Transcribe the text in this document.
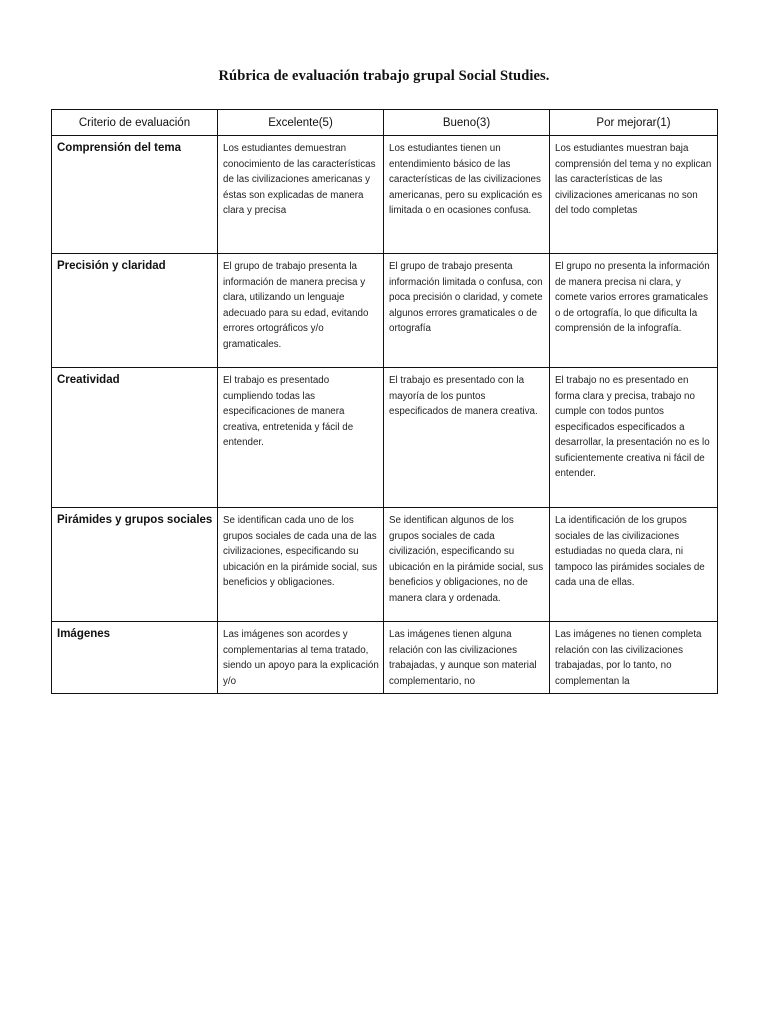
Rúbrica de evaluación trabajo grupal Social Studies.
Criterio de evaluación	Excelente(5)	Bueno(3)	Por mejorar(1)
Comprensión del tema	Los estudiantes demuestran conocimiento de las características de las civilizaciones americanas y éstas son explicadas de manera clara y precisa	Los estudiantes tienen un entendimiento básico de las características de las civilizaciones americanas, pero su explicación es limitada o en ocasiones confusa.	Los estudiantes muestran baja comprensión del tema y no explican las características de las civilizaciones americanas no son del todo completas
Precisión y claridad	El grupo de trabajo presenta la información de manera precisa y clara, utilizando un lenguaje adecuado para su edad, evitando errores ortográficos y/o gramaticales.	El grupo de trabajo presenta información limitada o confusa, con poca precisión o claridad, y comete algunos errores gramaticales o de ortografía	El grupo no presenta la información de manera precisa ni clara, y comete varios errores gramaticales o de ortografía, lo que dificulta la comprensión de la infografía.
Creatividad	El trabajo es presentado cumpliendo todas las especificaciones de manera creativa, entretenida y fácil de entender.	El trabajo es presentado con la mayoría de los puntos especificados de manera creativa.	El trabajo no es presentado en forma clara y precisa, trabajo no cumple con todos puntos especificados especificados a desarrollar, la presentación no es lo suficientemente creativa ni fácil de entender.
Pirámides y grupos sociales	Se identifican cada uno de los grupos sociales de cada una de las civilizaciones, especificando su ubicación en la pirámide social, sus beneficios y obligaciones.	Se identifican algunos de los grupos sociales de cada civilización, especificando su ubicación en la pirámide social, sus beneficios y obligaciones, no de manera clara y ordenada.	La identificación de los grupos sociales de las civilizaciones estudiadas no queda clara, ni tampoco las pirámides sociales de cada una de ellas.
Imágenes	Las imágenes son acordes y complementarias al tema tratado, siendo un apoyo para la explicación y/o	Las imágenes tienen alguna relación con las civilizaciones trabajadas, y aunque son material complementario, no	Las imágenes no tienen completa relación con las civilizaciones trabajadas, por lo tanto, no complementan la
